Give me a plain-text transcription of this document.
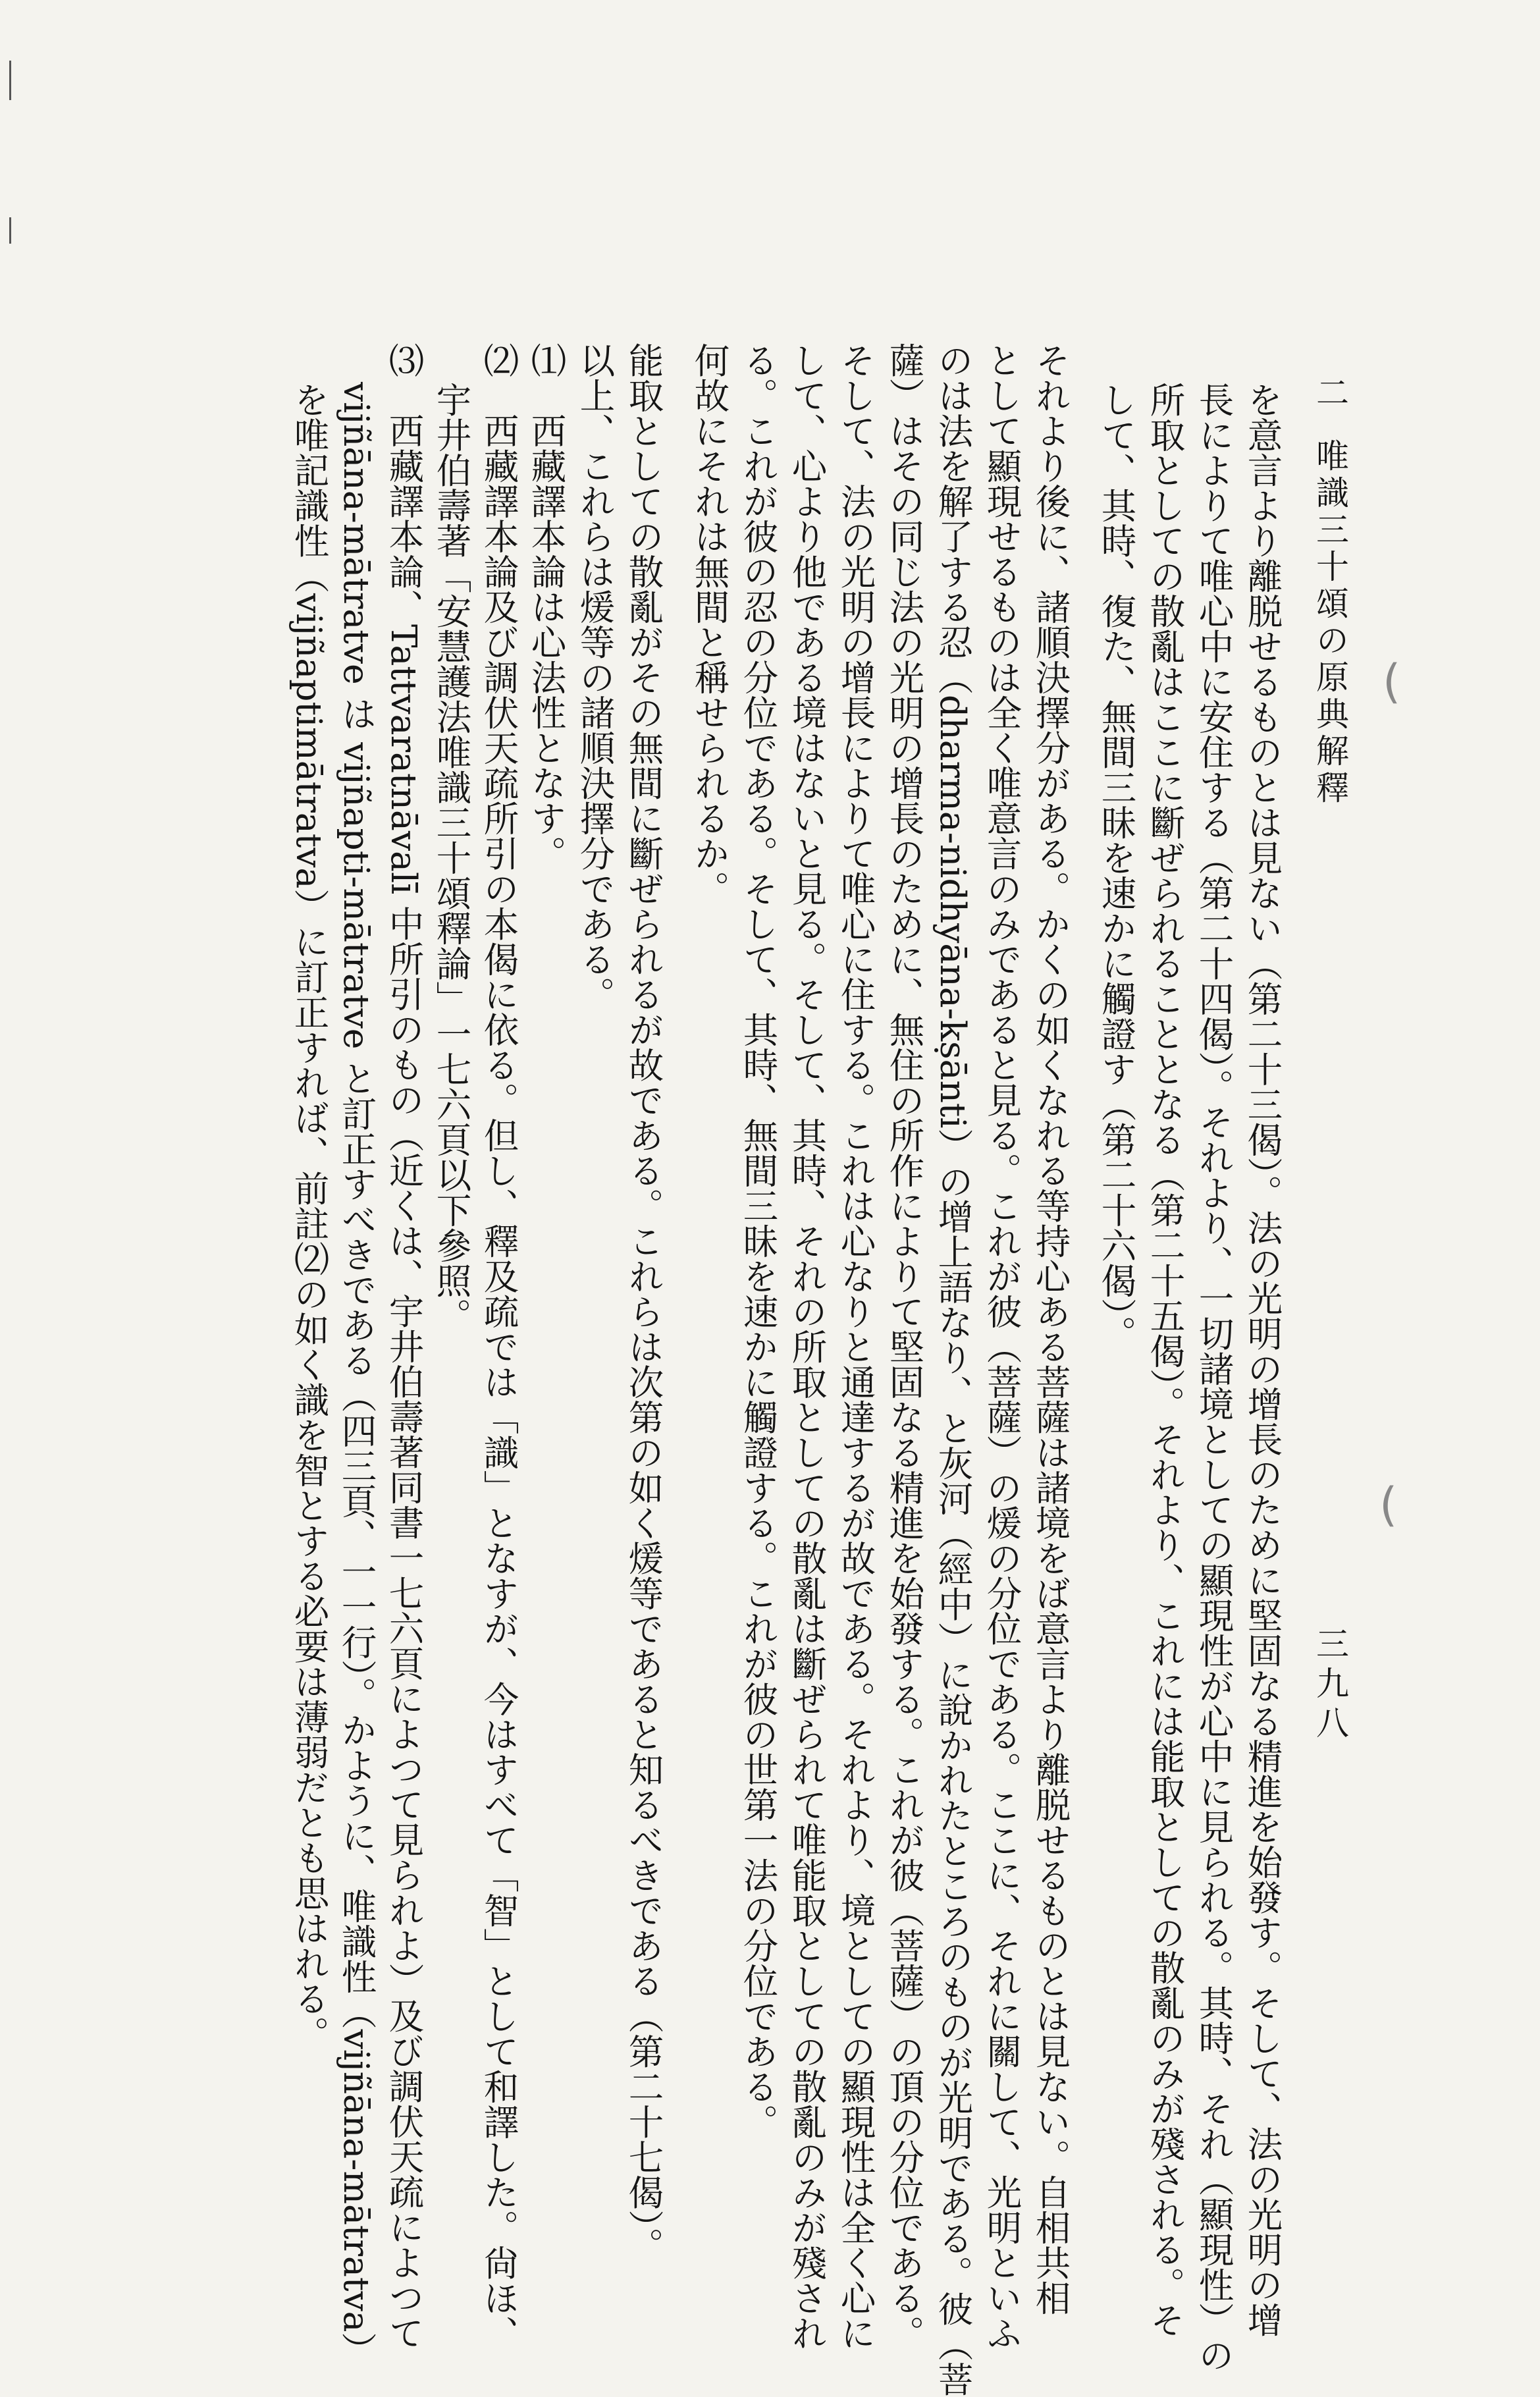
(
(
二唯識三十頌の原典解釋
三九八
を意言より離脱せるものとは見ない（第二十三偈）。法の光明の增長のために堅固なる精進を始發す。そして、法の光明の增
長によりて唯心中に安住する（第二十四偈）。それより、一切諸境としての顯現性が心中に見られる。其時、それ（顯現性）の
所取としての散亂はここに斷ぜられることとなる（第二十五偈）。それより、これには能取としての散亂のみが殘される。そ
して、其時、復た、無間三昧を速かに觸證す（第二十六偈）。
それより後に、諸順決擇分がある。かくの如くなれる等持心ある菩薩は諸境をば意言より離脱せるものとは見ない。自相共相
として顯現せるものは全く唯意言のみであると見る。これが彼（菩薩）の煖の分位である。ここに、それに關して、光明といふ
のは法を解了する忍（dharma-nidhyāna-kṣānti）の增上語なり、と灰河（經中）に說かれたところのものが光明である。彼（菩
薩）はその同じ法の光明の增長のために、無住の所作によりて堅固なる精進を始發する。これが彼（菩薩）の頂の分位である。
そして、法の光明の增長によりて唯心に住する。これは心なりと通達するが故である。それより、境としての顯現性は全く心に
して、心より他である境はないと見る。そして、其時、それの所取としての散亂は斷ぜられて唯能取としての散亂のみが殘され
る。これが彼の忍の分位である。そして、其時、無間三昧を速かに觸證する。これが彼の世第一法の分位である。
何故にそれは無間と稱せられるか。
能取としての散亂がその無間に斷ぜられるが故である。これらは次第の如く煖等であると知るべきである（第二十七偈）。
以上、これらは煖等の諸順決擇分である。
⑴　西藏譯本論は心法性となす。
⑵　西藏譯本論及び調伏天疏所引の本偈に依る。但し、釋及疏では「識」となすが、今はすべて「智」として和譯した。尙ほ、
宇井伯壽著「安慧護法唯識三十頌釋論」一七六頁以下參照。
⑶　西藏譯本論、Tattvaratnāvalī 中所引のもの（近くは、宇井伯壽著同書一七六頁によつて見られよ）及び調伏天疏によつて
vijñāna-mātratve は vijñapti-mātratve と訂正すべきである（四三頁、一一行）。かように、唯識性（vijñāna-mātratva）
を唯記識性（vijñaptimātratva）に訂正すれば、前註⑵の如く識を智とする必要は薄弱だとも思はれる。
